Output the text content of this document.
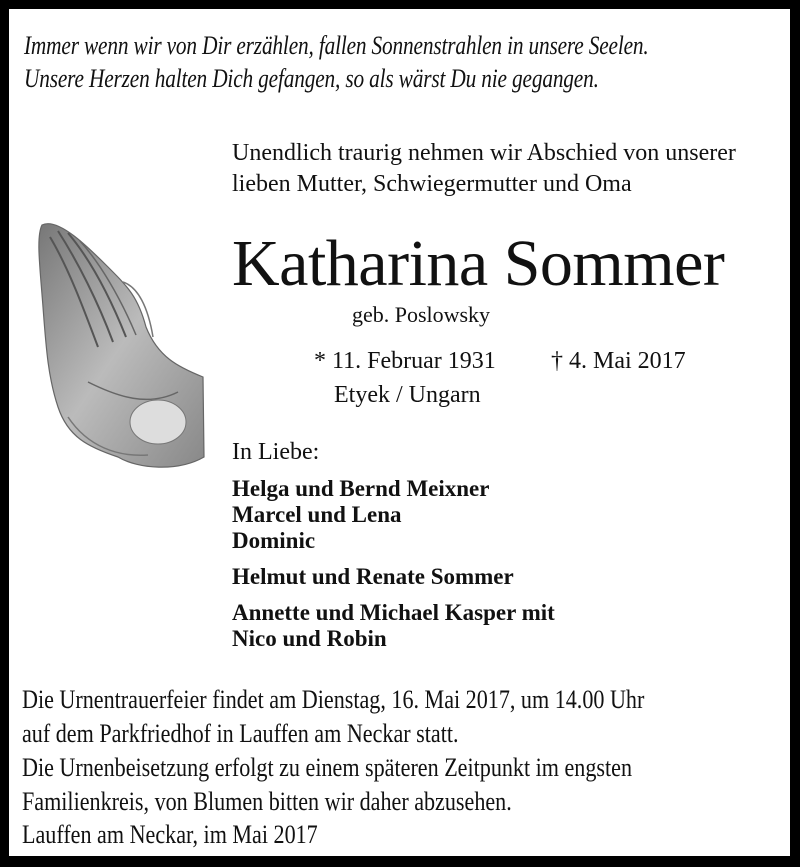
Immer wenn wir von Dir erzählen, fallen Sonnenstrahlen in unsere Seelen.
Unsere Herzen halten Dich gefangen, so als wärst Du nie gegangen.
Unendlich traurig nehmen wir Abschied von unserer
lieben Mutter, Schwiegermutter und Oma
Katharina Sommer
geb. Poslowsky
* 11. Februar 1931
Etyek / Ungarn
† 4. Mai 2017
In Liebe:
Helga und Bernd Meixner
Marcel und Lena
Dominic
Helmut und Renate Sommer
Annette und Michael Kasper mit
Nico und Robin
Die Urnentrauerfeier findet am Dienstag, 16. Mai 2017, um 14.00 Uhr
auf dem Parkfriedhof in Lauffen am Neckar statt.
Die Urnenbeisetzung erfolgt zu einem späteren Zeitpunkt im engsten
Familienkreis, von Blumen bitten wir daher abzusehen.
Lauffen am Neckar, im Mai 2017
